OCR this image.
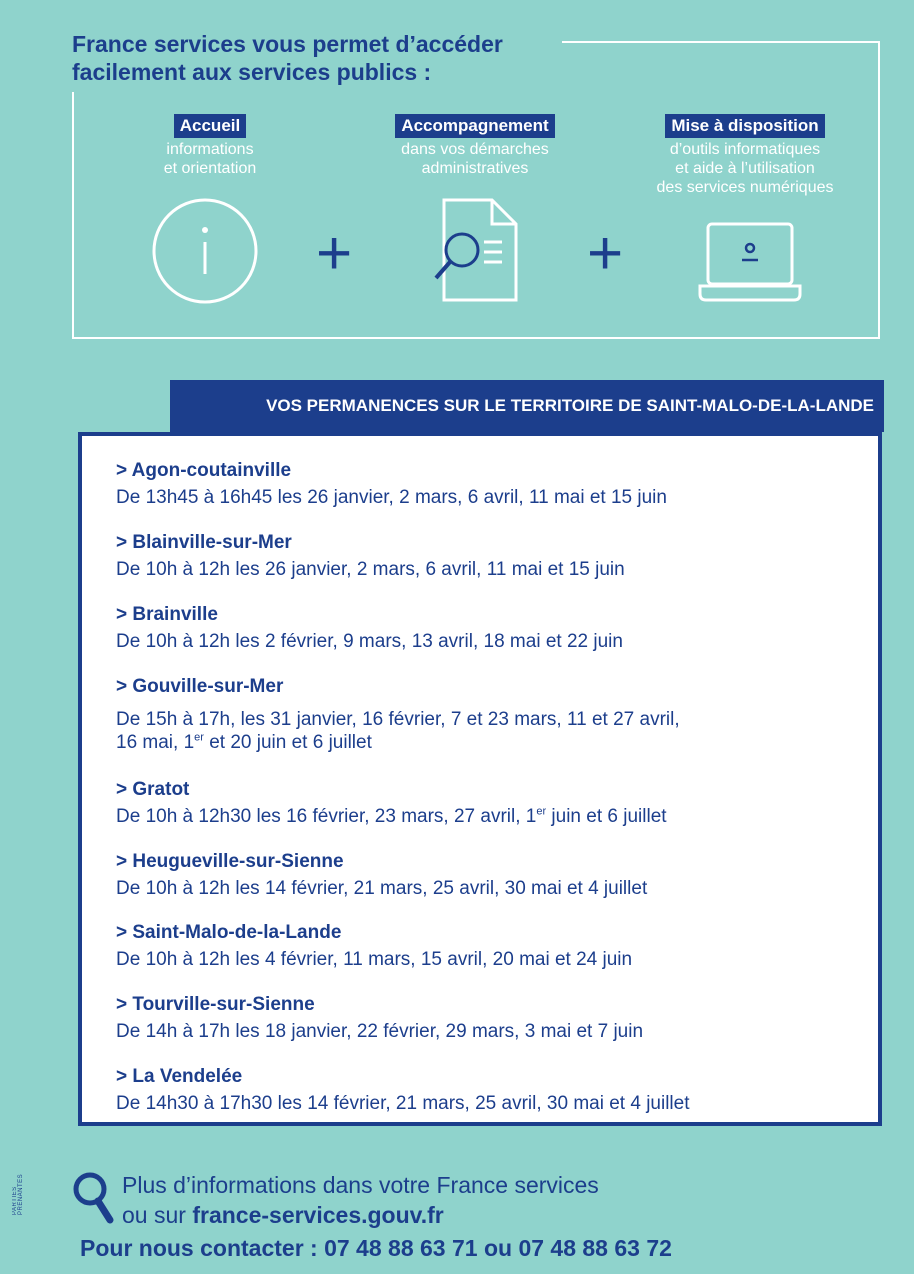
France services vous permet d’accéder
facilement aux services publics :
Accueil
informations
et orientation
+
Accompagnement
dans vos démarches
administratives
+
Mise à disposition
d’outils informatiques
et aide à l’utilisation
des services numériques
VOS PERMANENCES SUR LE TERRITOIRE DE SAINT-MALO-DE-LA-LANDE
> Agon-coutainville
De 13h45 à 16h45 les 26 janvier, 2 mars, 6 avril, 11 mai et 15 juin
> Blainville-sur-Mer
De 10h à 12h les 26 janvier, 2 mars, 6 avril, 11 mai et 15 juin
> Brainville
De 10h à 12h les 2 février, 9 mars, 13 avril, 18 mai et 22 juin
> Gouville-sur-Mer
De 15h à 17h, les 31 janvier, 16 février, 7 et 23 mars, 11 et 27 avril,
16 mai, 1er et 20 juin et 6 juillet
> Gratot
De 10h à 12h30 les 16 février, 23 mars, 27 avril, 1er juin et 6 juillet
> Heugueville-sur-Sienne
De 10h à 12h les 14 février, 21 mars, 25 avril, 30 mai et 4 juillet
> Saint-Malo-de-la-Lande
De 10h à 12h les 4 février, 11 mars, 15 avril, 20 mai et 24 juin
> Tourville-sur-Sienne
De 14h à 17h les 18 janvier, 22 février, 29 mars, 3 mai et 7 juin
> La Vendelée
De 14h30 à 17h30 les 14 février, 21 mars, 25 avril, 30 mai et 4 juillet
PARTIES PRENANTES	Plus d’informations dans votre France services
ou sur france-services.gouv.fr
Pour nous contacter : 07 48 88 63 71 ou 07 48 88 63 72
